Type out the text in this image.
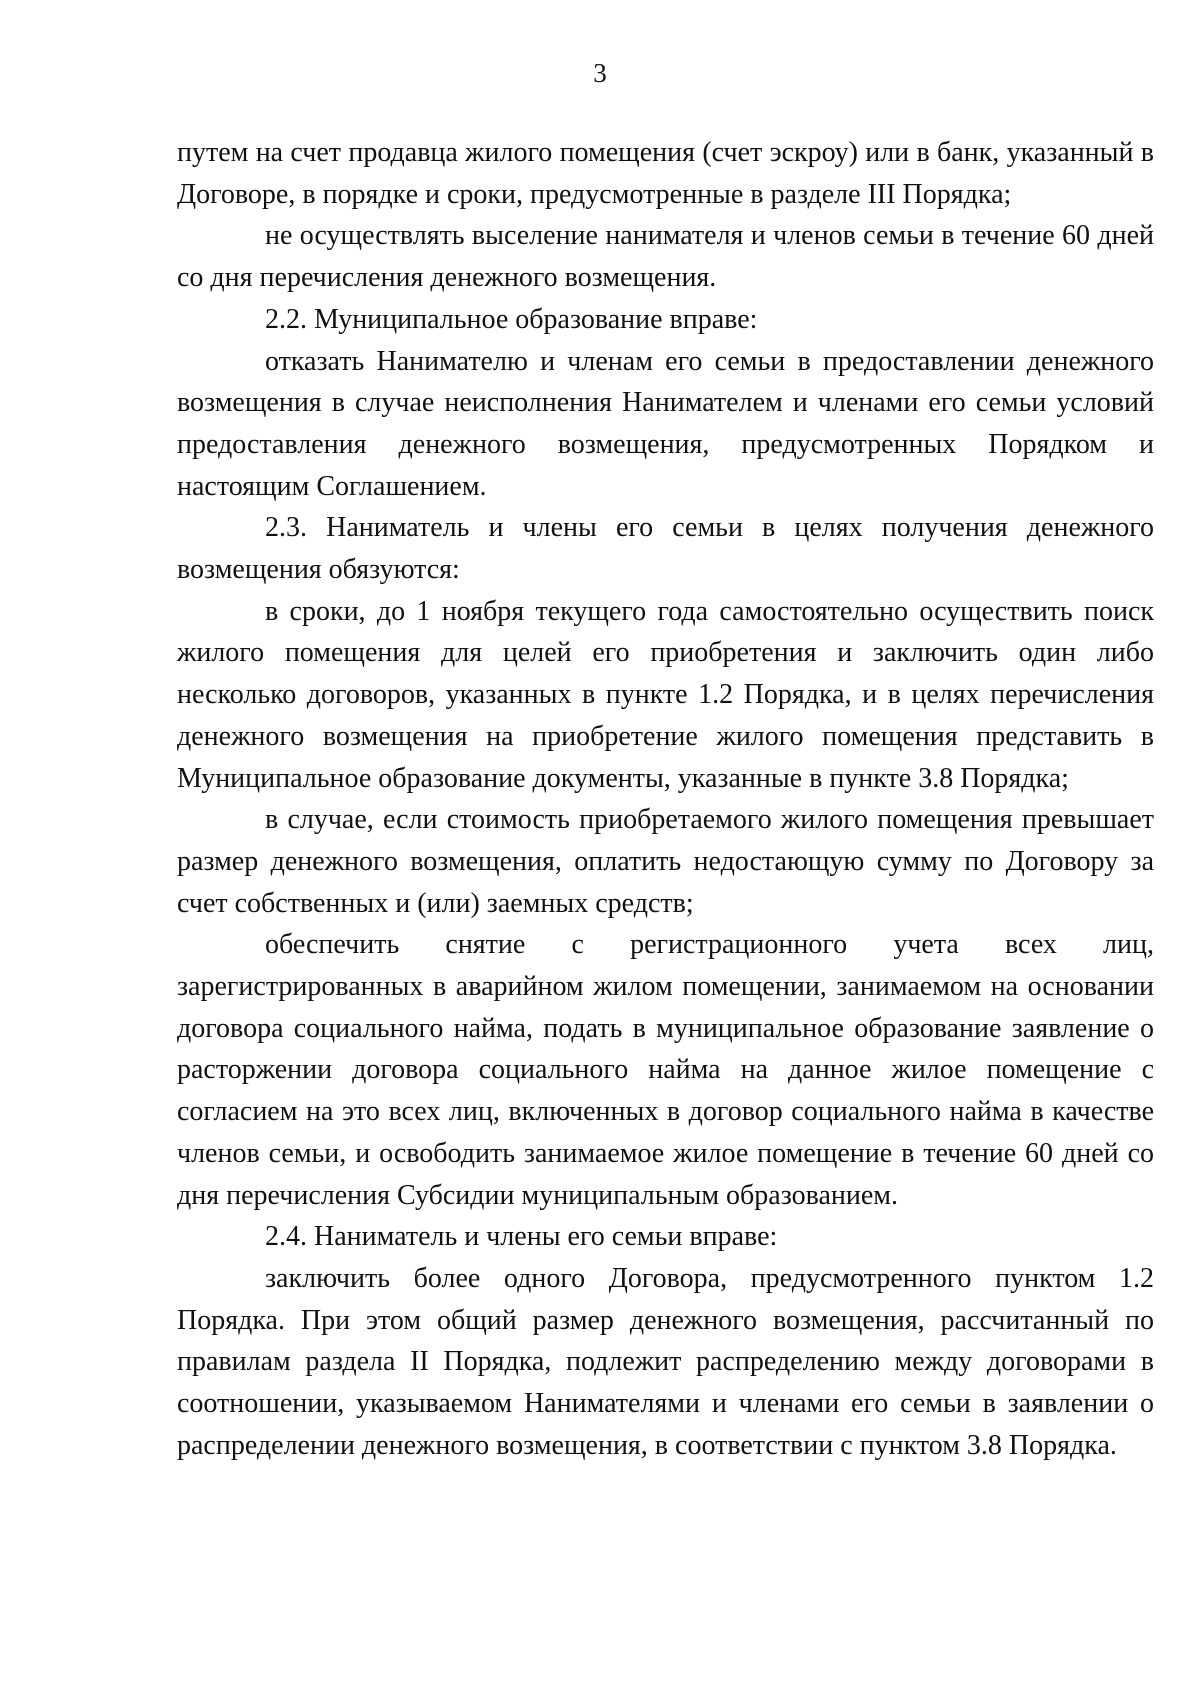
3

путем на счет продавца жилого помещения (счет эскроу) или в банк, указанный в Договоре, в порядке и сроки, предусмотренные в разделе III Порядка;

не осуществлять выселение нанимателя и членов семьи в течение 60 дней со дня перечисления денежного возмещения.

2.2. Муниципальное образование вправе:

отказать Нанимателю и членам его семьи в предоставлении денежного возмещения в случае неисполнения Нанимателем и членами его семьи условий предоставления денежного возмещения, предусмотренных Порядком и настоящим Соглашением.

2.3. Наниматель и члены его семьи в целях получения денежного возмещения обязуются:

в сроки, до 1 ноября текущего года самостоятельно осуществить поиск жилого помещения для целей его приобретения и заключить один либо несколько договоров, указанных в пункте 1.2 Порядка, и в целях перечисления денежного возмещения на приобретение жилого помещения представить в Муниципальное образование документы, указанные в пункте 3.8 Порядка;

в случае, если стоимость приобретаемого жилого помещения превышает размер денежного возмещения, оплатить недостающую сумму по Договору за счет собственных и (или) заемных средств;

обеспечить снятие с регистрационного учета всех лиц, зарегистрированных в аварийном жилом помещении, занимаемом на основании договора социального найма, подать в муниципальное образование заявление о расторжении договора социального найма на данное жилое помещение с согласием на это всех лиц, включенных в договор социального найма в качестве членов семьи, и освободить занимаемое жилое помещение в течение 60 дней со дня перечисления Субсидии муниципальным образованием.

2.4. Наниматель и члены его семьи вправе:

заключить более одного Договора, предусмотренного пунктом 1.2 Порядка. При этом общий размер денежного возмещения, рассчитанный по правилам раздела II Порядка, подлежит распределению между договорами в соотношении, указываемом Нанимателями и членами его семьи в заявлении о распределении денежного возмещения, в соответствии с пунктом 3.8 Порядка.
